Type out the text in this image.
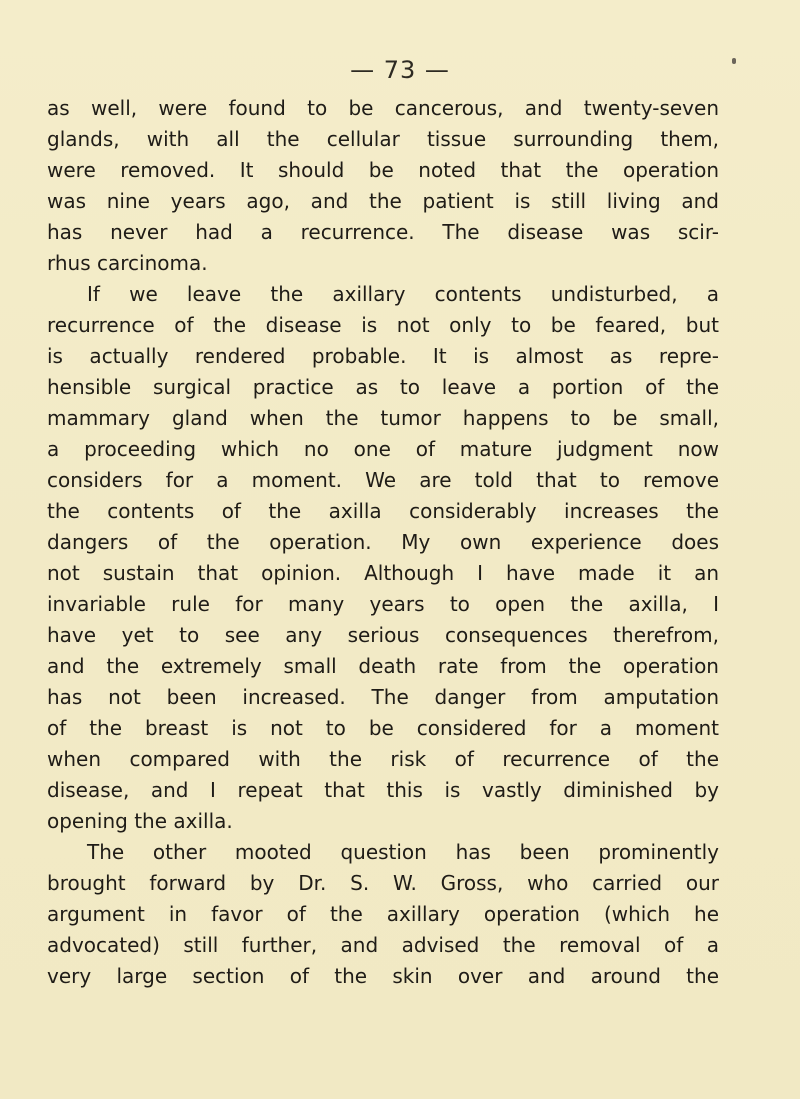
— 73 —
as well, were found to be cancerous, and twenty-seven
glands, with all the cellular tissue surrounding them,
were removed. It should be noted that the operation
was nine years ago, and the patient is still living and
has never had a recurrence. The disease was scir-
rhus carcinoma.
If we leave the axillary contents undisturbed, a
recurrence of the disease is not only to be feared, but
is actually rendered probable. It is almost as repre-
hensible surgical practice as to leave a portion of the
mammary gland when the tumor happens to be small,
a proceeding which no one of mature judgment now
considers for a moment. We are told that to remove
the contents of the axilla considerably increases the
dangers of the operation. My own experience does
not sustain that opinion. Although I have made it an
invariable rule for many years to open the axilla, I
have yet to see any serious consequences therefrom,
and the extremely small death rate from the operation
has not been increased. The danger from amputation
of the breast is not to be considered for a moment
when compared with the risk of recurrence of the
disease, and I repeat that this is vastly diminished by
opening the axilla.
The other mooted question has been prominently
brought forward by Dr. S. W. Gross, who carried our
argument in favor of the axillary operation (which he
advocated) still further, and advised the removal of a
very large section of the skin over and around the
